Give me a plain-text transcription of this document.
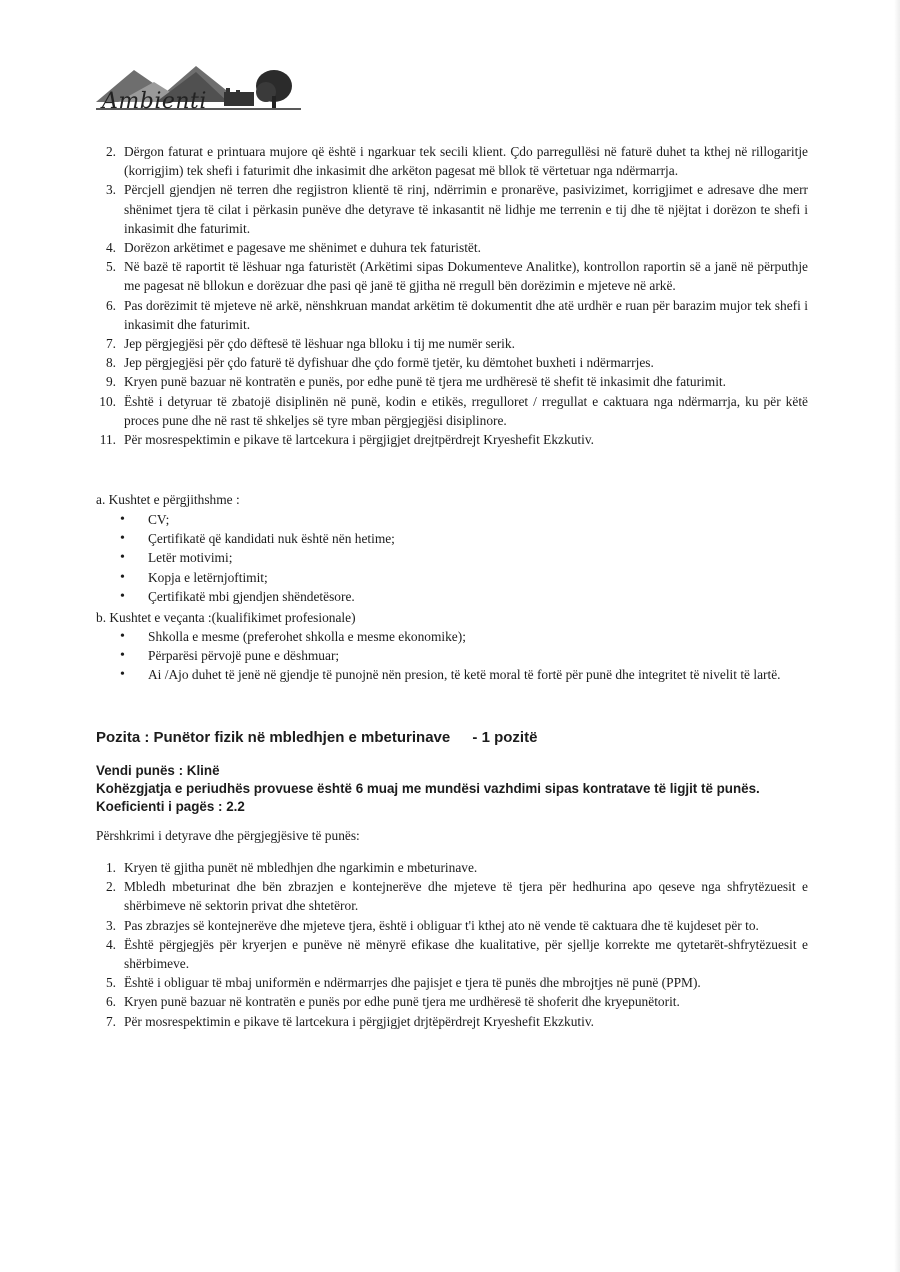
Ambienti
2. Dërgon faturat e printuara mujore që është i ngarkuar tek secili klient. Çdo parregullësi në faturë duhet ta kthej në rillogaritje (korrigjim) tek shefi i faturimit dhe inkasimit dhe arkëton pagesat më bllok të vërtetuar nga ndërmarrja.
3. Përcjell gjendjen në terren dhe regjistron klientë të rinj, ndërrimin e pronarëve, pasivizimet, korrigjimet e adresave dhe merr shënimet tjera të cilat i përkasin punëve dhe detyrave të inkasantit në lidhje me terrenin e tij dhe të njëjtat i dorëzon te shefi i inkasimit dhe faturimit.
4. Dorëzon arkëtimet e pagesave me shënimet e duhura tek faturistët.
5. Në bazë të raportit të lëshuar nga faturistët (Arkëtimi sipas Dokumenteve Analitke), kontrollon raportin së a janë në përputhje me pagesat në bllokun e dorëzuar dhe pasi që janë të gjitha në rregull bën dorëzimin e mjeteve në arkë.
6. Pas dorëzimit të mjeteve në arkë, nënshkruan mandat arkëtim të dokumentit dhe atë urdhër e ruan për barazim mujor tek shefi i inkasimit dhe faturimit.
7. Jep përgjegjësi për çdo dëftesë të lëshuar nga blloku i tij me numër serik.
8. Jep përgjegjësi për çdo faturë të dyfishuar dhe çdo formë tjetër, ku dëmtohet buxheti i ndërmarrjes.
9. Kryen punë bazuar në kontratën e punës, por edhe punë të tjera me urdhëresë të shefit të inkasimit dhe faturimit.
10. Është i detyruar të zbatojë disiplinën në punë, kodin e etikës, rregulloret / rregullat e caktuara nga ndërmarrja, ku për këtë proces pune dhe në rast të shkeljes së tyre mban përgjegjësi disiplinore.
11. Për mosrespektimin e pikave të lartcekura i përgjigjet drejtpërdrejt Kryeshefit Ekzkutiv.
a. Kushtet e përgjithshme :
• CV;
• Çertifikatë që kandidati nuk është nën hetime;
• Letër motivimi;
• Kopja e letërnjoftimit;
• Çertifikatë mbi gjendjen shëndetësore.
b. Kushtet e veçanta :(kualifikimet profesionale)
• Shkolla e mesme (preferohet shkolla e mesme ekonomike);
• Përparësi përvojë pune e dëshmuar;
• Ai /Ajo duhet të jenë në gjendje të punojnë nën presion, të ketë moral të fortë për punë dhe integritet të nivelit të lartë.
Pozita : Punëtor fizik në mbledhjen e mbeturinave - 1 pozitë
Vendi punës : Klinë
Kohëzgjatja e periudhës provuese është 6 muaj me mundësi vazhdimi sipas kontratave të ligjit të punës.
Koeficienti i pagës : 2.2
Përshkrimi i detyrave dhe përgjegjësive të punës:
1. Kryen të gjitha punët në mbledhjen dhe ngarkimin e mbeturinave.
2. Mbledh mbeturinat dhe bën zbrazjen e kontejnerëve dhe mjeteve të tjera për hedhurina apo qeseve nga shfrytëzuesit e shërbimeve në sektorin privat dhe shtetëror.
3. Pas zbrazjes së kontejnerëve dhe mjeteve tjera, është i obliguar t'i kthej ato në vende të caktuara dhe të kujdeset për to.
4. Është përgjegjës për kryerjen e punëve në mënyrë efikase dhe kualitative, për sjellje korrekte me qytetarët-shfrytëzuesit e shërbimeve.
5. Është i obliguar të mbaj uniformën e ndërmarrjes dhe pajisjet e tjera të punës dhe mbrojtjes në punë (PPM).
6. Kryen punë bazuar në kontratën e punës por edhe punë tjera me urdhëresë të shoferit dhe kryepunëtorit.
7. Për mosrespektimin e pikave të lartcekura i përgjigjet drjtëpërdrejt Kryeshefit Ekzkutiv.
